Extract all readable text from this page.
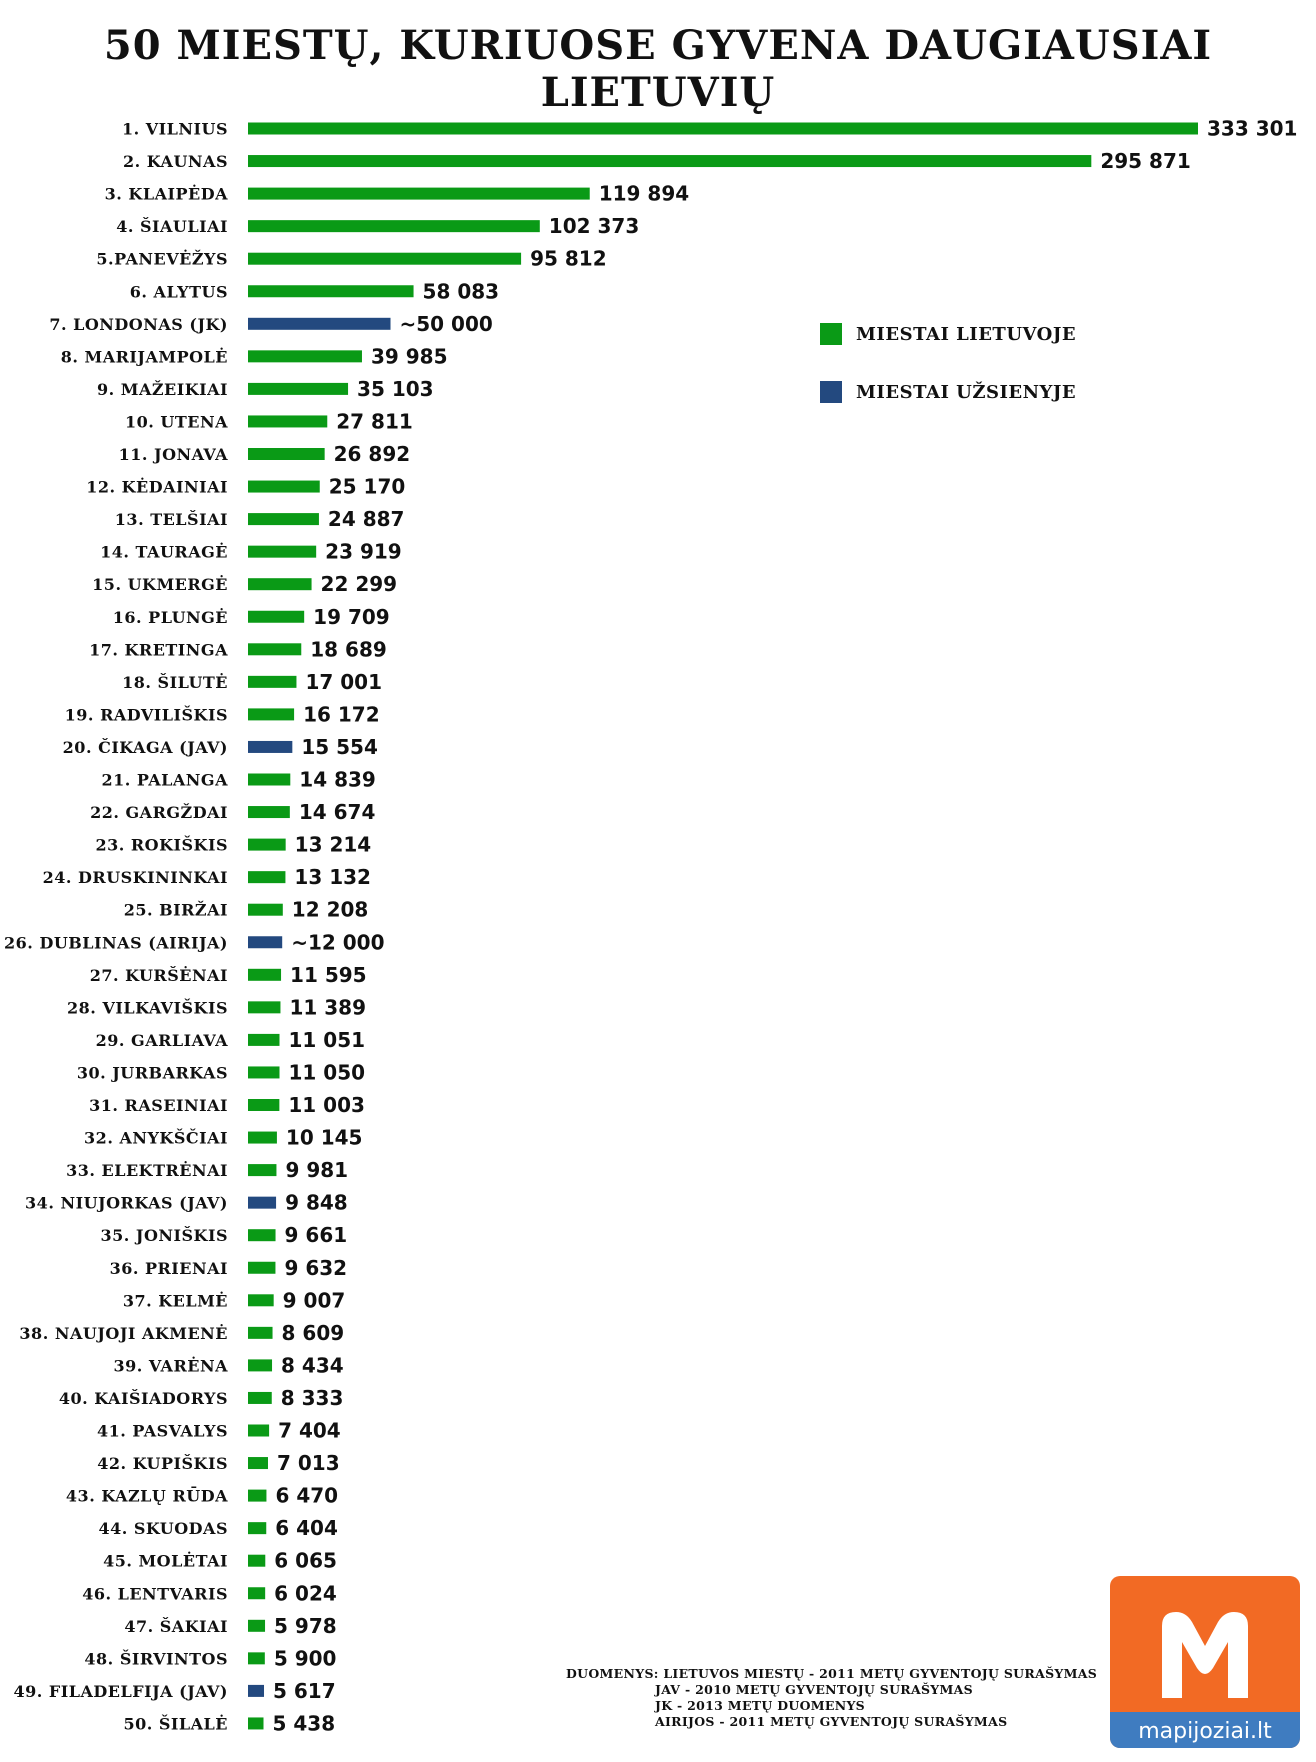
50 MIESTŲ, KURIUOSE GYVENA DAUGIAUSIAI LIETUVIŲ
1. VILNIUS	333 301
2. KAUNAS	295 871
3. KLAIPĖDA	119 894
4. ŠIAULIAI	102 373
5.PANEVĖŽYS	95 812
6. ALYTUS	58 083
7. LONDONAS (JK)	~50 000
8. MARIJAMPOLĖ	39 985
9. MAŽEIKIAI	35 103
10. UTENA	27 811
11. JONAVA	26 892
12. KĖDAINIAI	25 170
13. TELŠIAI	24 887
14. TAURAGĖ	23 919
15. UKMERGĖ	22 299
16. PLUNGĖ	19 709
17. KRETINGA	18 689
18. ŠILUTĖ	17 001
19. RADVILIŠKIS	16 172
20. ČIKAGA (JAV)	15 554
21. PALANGA	14 839
22. GARGŽDAI	14 674
23. ROKIŠKIS	13 214
24. DRUSKININKAI	13 132
25. BIRŽAI	12 208
26. DUBLINAS (AIRIJA)	~12 000
27. KURŠĖNAI	11 595
28. VILKAVIŠKIS	11 389
29. GARLIAVA	11 051
30. JURBARKAS	11 050
31. RASEINIAI	11 003
32. ANYKŠČIAI	10 145
33. ELEKTRĖNAI	9 981
34. NIUJORKAS (JAV)	9 848
35. JONIŠKIS	9 661
36. PRIENAI	9 632
37. KELMĖ	9 007
38. NAUJOJI AKMENĖ	8 609
39. VARĖNA	8 434
40. KAIŠIADORYS	8 333
41. PASVALYS	7 404
42. KUPIŠKIS 7 013
43. KAZLŲ RŪDA 6 470
44. SKUODAS 6 404
45. MOLĖTAI 6 065
46. LENTVARIS 6 024
47. ŠAKIAI 5 978
48. ŠIRVINTOS 5 900
49. FILADELFIJA (JAV) 5 617
50. ŠILALĖ 5 438
MIESTAI LIETUVOJE
MIESTAI UŽSIENYJE
DUOMENYS: LIETUVOS MIESTŲ - 2011 METŲ GYVENTOJŲ SURAŠYMAS
JAV - 2010 METŲ GYVENTOJŲ SURAŠYMAS
JK - 2013 METŲ DUOMENYS
AIRIJOS - 2011 METŲ GYVENTOJŲ SURAŠYMAS	mapijoziai.lt
